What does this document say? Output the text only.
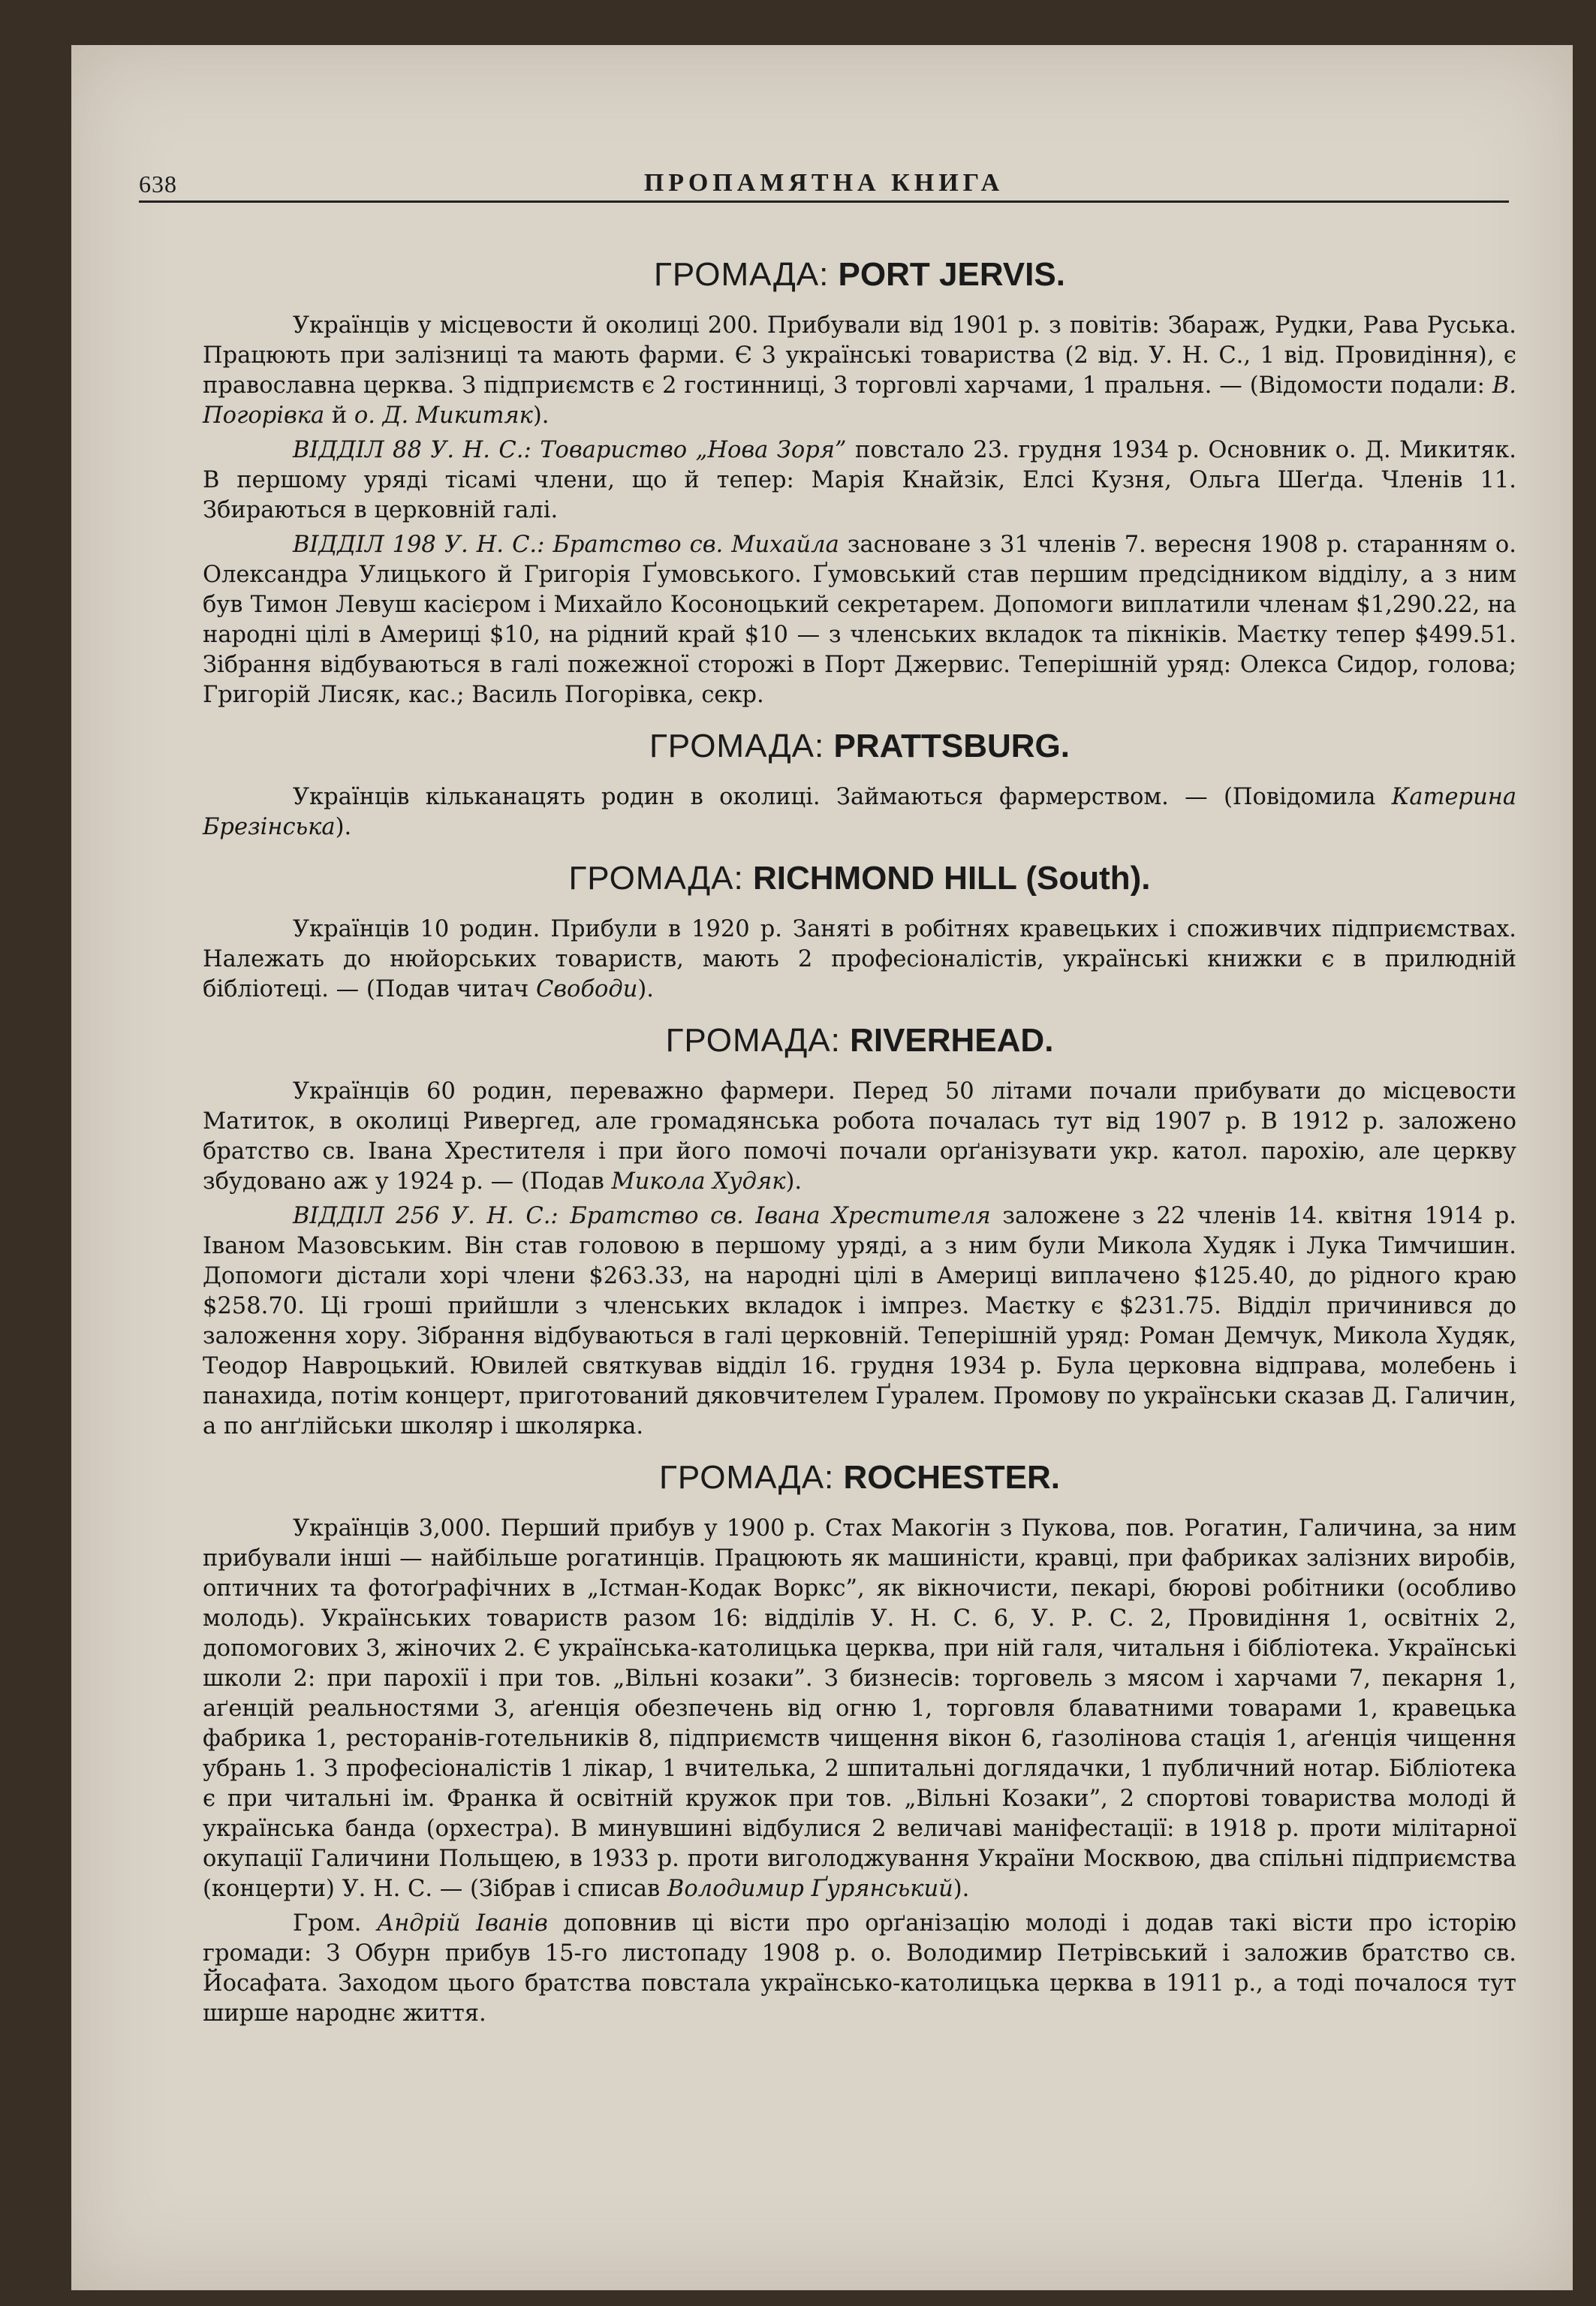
638	ПРОПАМЯТНА КНИГА
ГРОМАДА: PORT JERVIS.

Українців у місцевости й околиці 200. Прибували від 1901 р. з повітів: Збараж, Рудки, Рава Руська. Працюють при залізниці та мають фарми. Є 3 українські товариства (2 від. У. Н. С., 1 від. Провидіння), є православна церква. З підприємств є 2 гостинниці, 3 торговлі харчами, 1 пральня. — (Відомости подали: В. Погорівка й о. Д. Микитяк).

ВІДДІЛ 88 У. Н. С.: Товариство „Нова Зоря” повстало 23. грудня 1934 р. Основник о. Д. Микитяк. В першому уряді тісамі члени, що й тепер: Марія Кнайзік, Елсі Кузня, Ольга Шеґда. Членів 11. Збираються в церковній галі.

ВІДДІЛ 198 У. Н. С.: Братство св. Михайла засноване з 31 членів 7. вересня 1908 р. старанням о. Олександра Улицького й Григорія Ґумовського. Ґумовський став першим предсідником відділу, а з ним був Тимон Левуш касієром і Михайло Косоноцький секретарем. Допомоги виплатили членам $1,290.22, на народні цілі в Америці $10, на рідний край $10 — з членських вкладок та пікніків. Маєтку тепер $499.51. Зібрання відбуваються в галі пожежної сторожі в Порт Джервис. Теперішній уряд: Олекса Сидор, голова; Григорій Лисяк, кас.; Василь Погорівка, секр.

ГРОМАДА: PRATTSBURG.

Українців кільканацять родин в околиці. Займаються фармерством. — (Повідомила Катерина Брезінська).

ГРОМАДА: RICHMOND HILL (South).

Українців 10 родин. Прибули в 1920 р. Заняті в робітнях кравецьких і споживчих підприємствах. Належать до нюйорських товариств, мають 2 професіоналістів, українські книжки є в прилюдній бібліотеці. — (Подав читач Свободи).

ГРОМАДА: RIVERHEAD.

Українців 60 родин, переважно фармери. Перед 50 літами почали прибувати до місцевости Матиток, в околиці Ривергед, але громадянська робота почалась тут від 1907 р. В 1912 р. заложено братство св. Івана Хрестителя і при його помочі почали орґанізувати укр. катол. парохію, але церкву збудовано аж у 1924 р. — (Подав Микола Худяк).

ВІДДІЛ 256 У. Н. С.: Братство св. Івана Хрестителя заложене з 22 членів 14. квітня 1914 р. Іваном Мазовським. Він став головою в першому уряді, а з ним були Микола Худяк і Лука Тимчишин. Допомоги дістали хорі члени $263.33, на народні цілі в Америці виплачено $125.40, до рідного краю $258.70. Ці гроші прийшли з членських вкладок і імпрез. Маєтку є $231.75. Відділ причинився до заложення хору. Зібрання відбуваються в галі церковній. Теперішній уряд: Роман Демчук, Микола Худяк, Теодор Навроцький. Ювилей святкував відділ 16. грудня 1934 р. Була церковна відправа, молебень і панахида, потім концерт, приготований дяковчителем Ґуралем. Промову по українськи сказав Д. Галичин, а по анґлійськи школяр і школярка.

ГРОМАДА: ROCHESTER.

Українців 3,000. Перший прибув у 1900 р. Стах Макогін з Пукова, пов. Рогатин, Галичина, за ним прибували інші — найбільше рогатинців. Працюють як машиністи, кравці, при фабриках залізних виробів, оптичних та фотоґрафічних в „Істман-Кодак Воркс”, як вікночисти, пекарі, бюрові робітники (особливо молодь). Українських товариств разом 16: відділів У. Н. С. 6, У. Р. С. 2, Провидіння 1, освітніх 2, допомогових 3, жіночих 2. Є українська-католицька церква, при ній галя, читальня і бібліотека. Українські школи 2: при парохії і при тов. „Вільні козаки”. З бизнесів: торговель з мясом і харчами 7, пекарня 1, аґенцій реальностями 3, аґенція обезпечень від огню 1, торговля блаватними товарами 1, кравецька фабрика 1, ресторанів-готельників 8, підприємств чищення вікон 6, ґазолінова стація 1, аґенція чищення убрань 1. З професіоналістів 1 лікар, 1 вчителька, 2 шпитальні доглядачки, 1 публичний нотар. Бібліотека є при читальні ім. Франка й освітній кружок при тов. „Вільні Козаки”, 2 спортові товариства молоді й українська банда (орхестра). В минувшині відбулися 2 величаві маніфестації: в 1918 р. проти мілітарної окупації Галичини Польщею, в 1933 р. проти виголоджування України Москвою, два спільні підприємства (концерти) У. Н. С. — (Зібрав і списав Володимир Ґурянський).

Гром. Андрій Іванів доповнив ці вісти про орґанізацію молоді і додав такі вісти про історію громади: З Обурн прибув 15-го листопаду 1908 р. о. Володимир Петрівський і заложив братство св. Йосафата. Заходом цього братства повстала українсько-католицька церква в 1911 р., а тоді почалося тут ширше народнє життя.
